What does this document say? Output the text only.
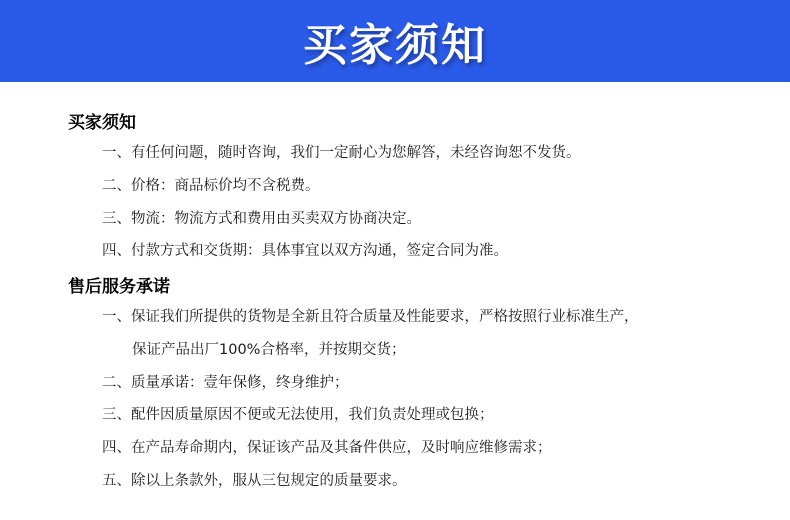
买家须知
买家须知
一、有任何问题，随时咨询，我们一定耐心为您解答，未经咨询恕不发货。
二、价格：商品标价均不含税费。
三、物流：物流方式和费用由买卖双方协商决定。
四、付款方式和交货期：具体事宜以双方沟通，签定合同为准。
售后服务承诺
一、保证我们所提供的货物是全新且符合质量及性能要求，严格按照行业标准生产，
保证产品出厂100%合格率，并按期交货；
二、质量承诺：壹年保修，终身维护；
三、配件因质量原因不便或无法使用，我们负责处理或包换；
四、在产品寿命期内，保证该产品及其备件供应，及时响应维修需求；
五、除以上条款外，服从三包规定的质量要求。
